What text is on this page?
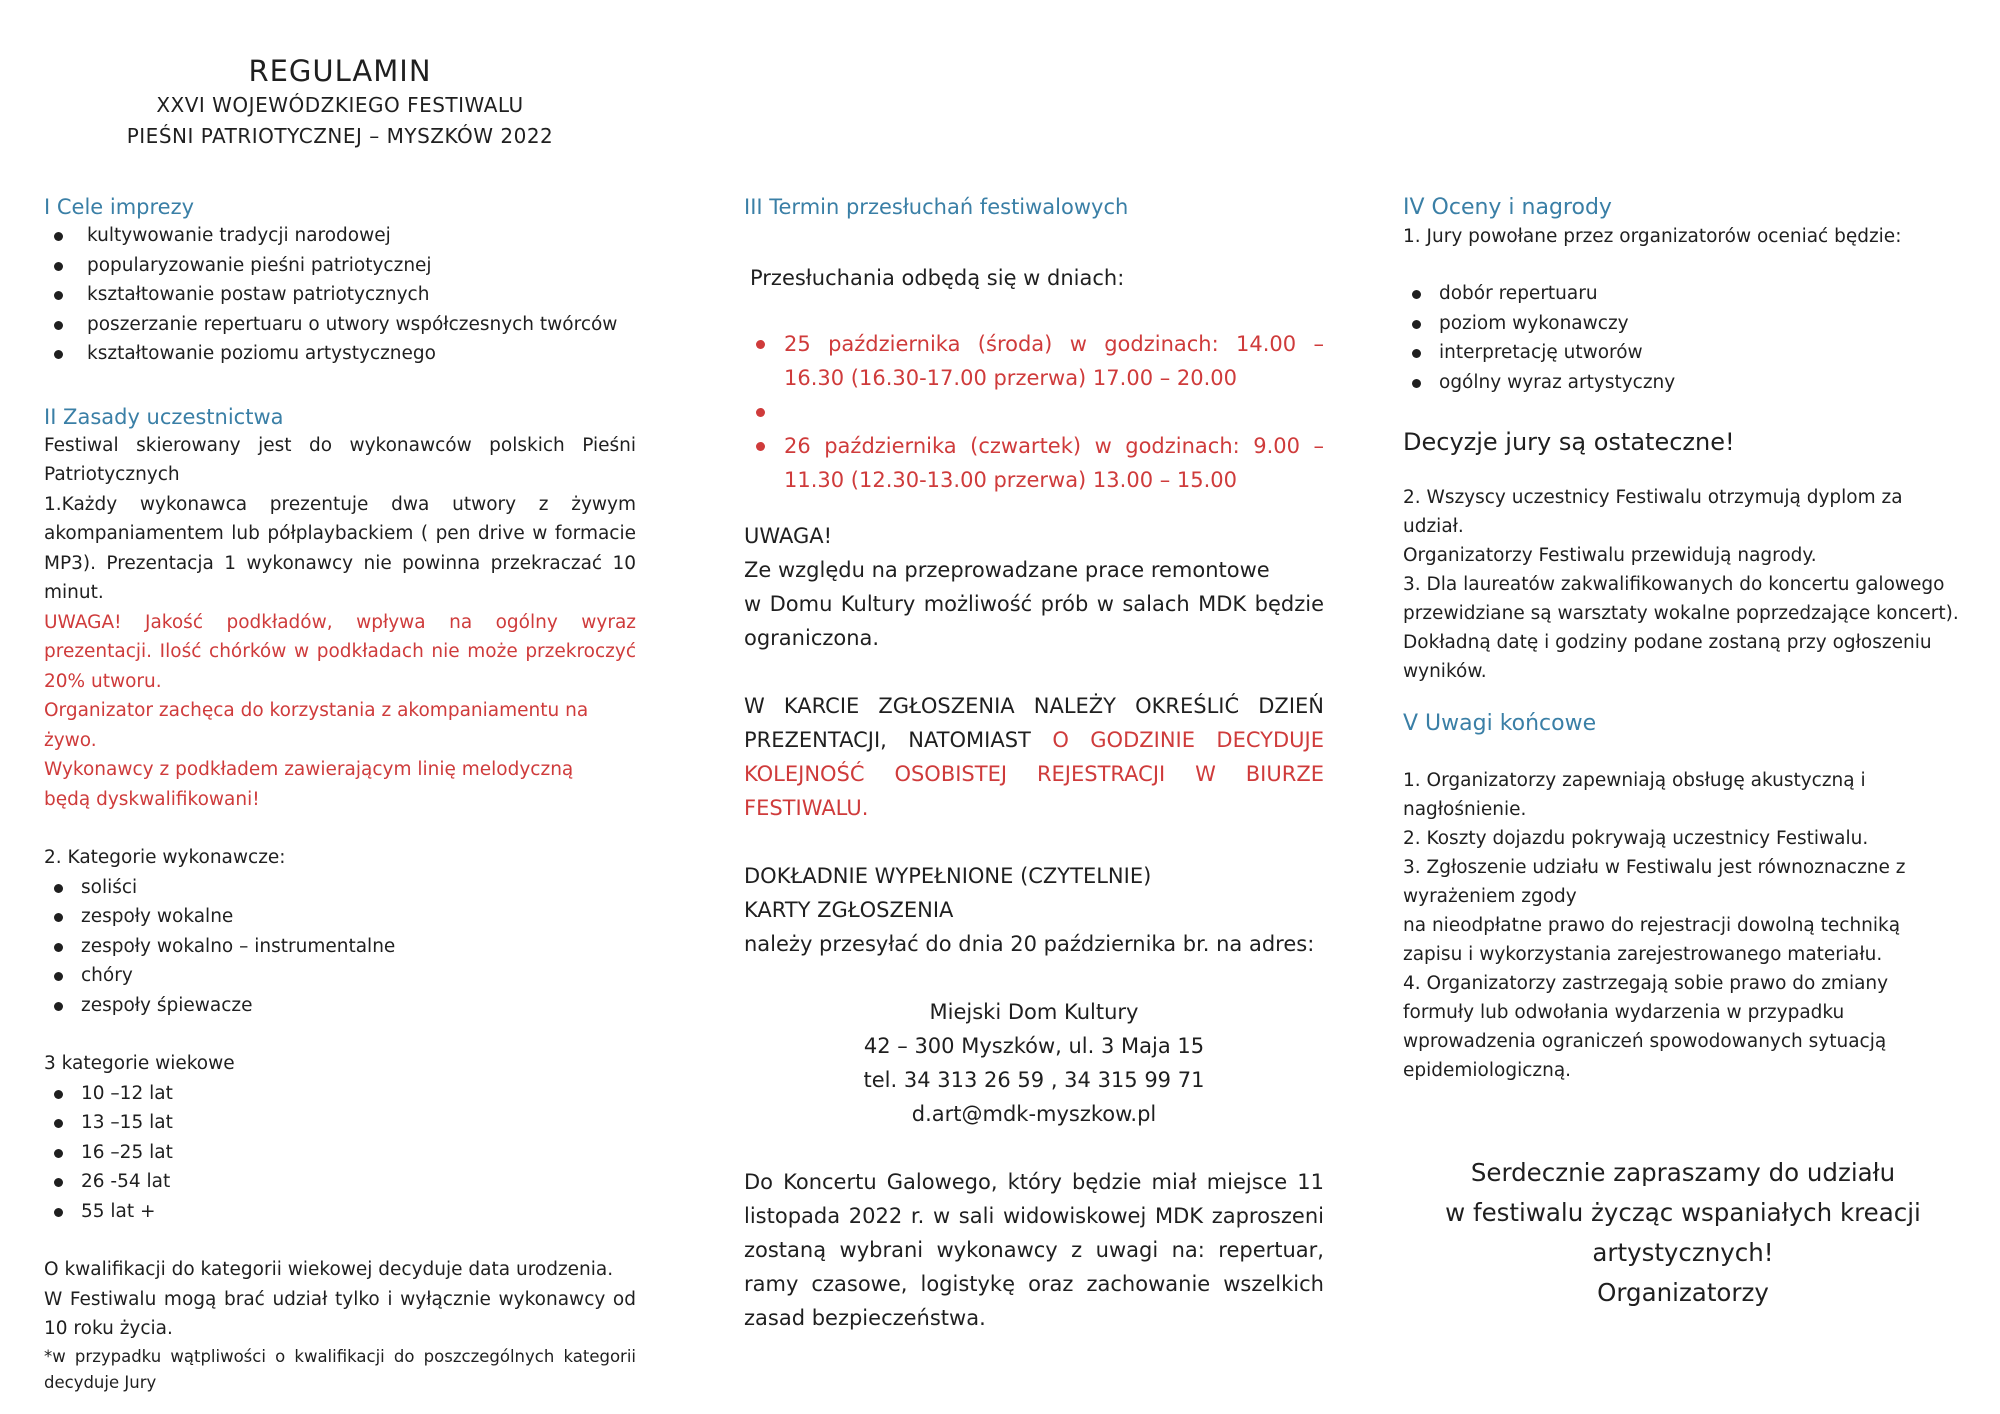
REGULAMIN
XXVI WOJEWÓDZKIEGO FESTIWALU
PIEŚNI PATRIOTYCZNEJ – MYSZKÓW 2022
I Cele imprezy
kultywowanie tradycji narodowej
popularyzowanie pieśni patriotycznej
kształtowanie postaw patriotycznych
poszerzanie repertuaru o utwory współczesnych twórców
kształtowanie poziomu artystycznego
II Zasady uczestnictwa

Festiwal skierowany jest do wykonawców polskich Pieśni Patriotycznych

1.Każdy wykonawca prezentuje dwa utwory z żywym akompaniamentem lub półplaybackiem ( pen drive w formacie MP3). Prezentacja 1 wykonawcy nie powinna przekraczać 10 minut.

UWAGA! Jakość podkładów, wpływa na ogólny wyraz prezentacji. Ilość chórków w podkładach nie może przekroczyć 20% utworu.

Organizator zachęca do korzystania z akompaniamentu na żywo.

Wykonawcy z podkładem zawierającym linię melodyczną

będą dyskwalifikowani!

2. Kategorie wykonawcze:

soliści
zespoły wokalne
zespoły wokalno – instrumentalne
chóry
zespoły śpiewacze

3 kategorie wiekowe

10 –12 lat
13 –15 lat
16 –25 lat
26 -54 lat
55 lat +

O kwalifikacji do kategorii wiekowej decyduje data urodzenia.

W Festiwalu mogą brać udział tylko i wyłącznie wykonawcy od 10 roku życia.

*w przypadku wątpliwości o kwalifikacji do poszczególnych kategorii decyduje Jury

III Termin przesłuchań festiwalowych

Przesłuchania odbędą się w dniach:

25 października (środa) w godzinach: 14.00 – 16.30 (16.30-17.00 przerwa) 17.00 – 20.00
26 października (czwartek) w godzinach: 9.00 – 11.30 (12.30-13.00 przerwa) 13.00 – 15.00

UWAGA!

Ze względu na przeprowadzane prace remontowe

w Domu Kultury możliwość prób w salach MDK będzie ograniczona.

W KARCIE ZGŁOSZENIA NALEŻY OKREŚLIĆ DZIEŃ PREZENTACJI, NATOMIAST O GODZINIE DECYDUJE KOLEJNOŚĆ OSOBISTEJ REJESTRACJI W BIURZE FESTIWALU.

DOKŁADNIE WYPEŁNIONE (CZYTELNIE)

KARTY ZGŁOSZENIA

należy przesyłać do dnia 20 października br. na adres:

Miejski Dom Kultury

42 – 300 Myszków, ul. 3 Maja 15

tel. 34 313 26 59 , 34 315 99 71

d.art@mdk-myszkow.pl

Do Koncertu Galowego, który będzie miał miejsce 11 listopada 2022 r. w sali widowiskowej MDK zaproszeni zostaną wybrani wykonawcy z uwagi na: repertuar, ramy czasowe, logistykę oraz zachowanie wszelkich zasad bezpieczeństwa.

IV Oceny i nagrody

1. Jury powołane przez organizatorów oceniać będzie:

dobór repertuaru
poziom wykonawczy
interpretację utworów
ogólny wyraz artystyczny

Decyzje jury są ostateczne!

2. Wszyscy uczestnicy Festiwalu otrzymują dyplom za udział.

Organizatorzy Festiwalu przewidują nagrody.

3. Dla laureatów zakwalifikowanych do koncertu galowego przewidziane są warsztaty wokalne poprzedzające koncert).

Dokładną datę i godziny podane zostaną przy ogłoszeniu wyników.

V Uwagi końcowe

1. Organizatorzy zapewniają obsługę akustyczną i nagłośnienie.

2. Koszty dojazdu pokrywają uczestnicy Festiwalu.

3. Zgłoszenie udziału w Festiwalu jest równoznaczne z wyrażeniem zgody

na nieodpłatne prawo do rejestracji dowolną techniką zapisu i wykorzystania zarejestrowanego materiału.

4. Organizatorzy zastrzegają sobie prawo do zmiany formuły lub odwołania wydarzenia w przypadku wprowadzenia ograniczeń spowodowanych sytuacją epidemiologiczną.

Serdecznie zapraszamy do udziału

w festiwalu życząc wspaniałych kreacji

artystycznych!

Organizatorzy
